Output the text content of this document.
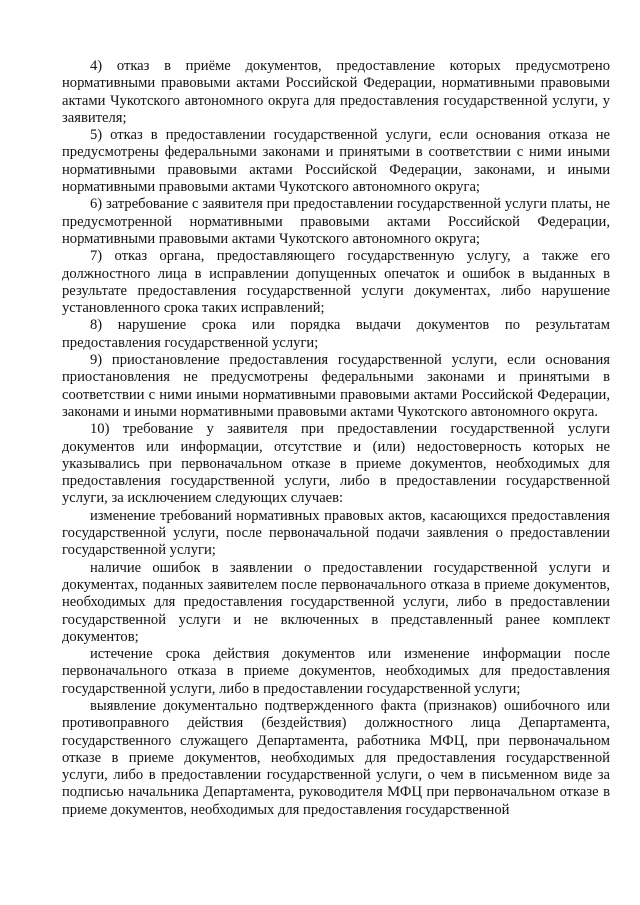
4) отказ в приёме документов, предоставление которых предусмотрено нормативными правовыми актами Российской Федерации, нормативными правовыми актами Чукотского автономного округа для предоставления государственной услуги, у заявителя;

5) отказ в предоставлении государственной услуги, если основания отказа не предусмотрены федеральными законами и принятыми в соответствии с ними иными нормативными правовыми актами Российской Федерации, законами, и иными нормативными правовыми актами Чукотского автономного округа;

6) затребование с заявителя при предоставлении государственной услуги платы, не предусмотренной нормативными правовыми актами Российской Федерации, нормативными правовыми актами Чукотского автономного округа;

7) отказ органа, предоставляющего государственную услугу, а также его должностного лица в исправлении допущенных опечаток и ошибок в выданных в результате предоставления государственной услуги документах, либо нарушение установленного срока таких исправлений;

8) нарушение срока или порядка выдачи документов по результатам предоставления государственной услуги;

9) приостановление предоставления государственной услуги, если основания приостановления не предусмотрены федеральными законами и принятыми в соответствии с ними иными нормативными правовыми актами Российской Федерации, законами и иными нормативными правовыми актами Чукотского автономного округа.

10) требование у заявителя при предоставлении государственной услуги документов или информации, отсутствие и (или) недостоверность которых не указывались при первоначальном отказе в приеме документов, необходимых для предоставления государственной услуги, либо в предоставлении государственной услуги, за исключением следующих случаев:

изменение требований нормативных правовых актов, касающихся предоставления государственной услуги, после первоначальной подачи заявления о предоставлении государственной услуги;

наличие ошибок в заявлении о предоставлении государственной услуги и документах, поданных заявителем после первоначального отказа в приеме документов, необходимых для предоставления государственной услуги, либо в предоставлении государственной услуги и не включенных в представленный ранее комплект документов;

истечение срока действия документов или изменение информации после первоначального отказа в приеме документов, необходимых для предоставления государственной услуги, либо в предоставлении государственной услуги;

выявление документально подтвержденного факта (признаков) ошибочного или противоправного действия (бездействия) должностного лица Департамента, государственного служащего Департамента, работника МФЦ, при первоначальном отказе в приеме документов, необходимых для предоставления государственной услуги, либо в предоставлении государственной услуги, о чем в письменном виде за подписью начальника Департамента, руководителя МФЦ при первоначальном отказе в приеме документов, необходимых для предоставления государственной
